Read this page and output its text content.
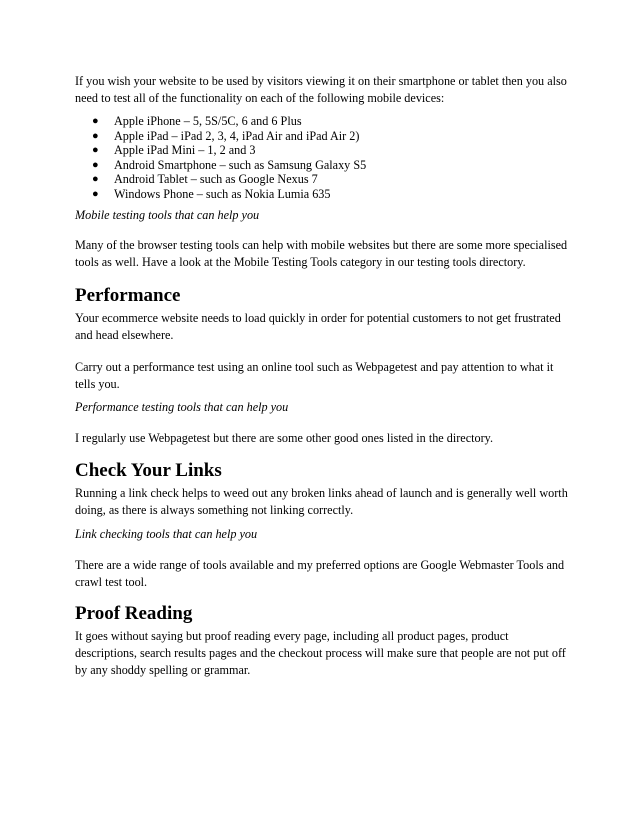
If you wish your website to be used by visitors viewing it on their smartphone or tablet then you also need to test all of the functionality on each of the following mobile devices:

● Apple iPhone – 5, 5S/5C, 6 and 6 Plus
● Apple iPad – iPad 2, 3, 4, iPad Air and iPad Air 2)
● Apple iPad Mini – 1, 2 and 3
● Android Smartphone – such as Samsung Galaxy S5
● Android Tablet – such as Google Nexus 7
● Windows Phone – such as Nokia Lumia 635

Mobile testing tools that can help you

Many of the browser testing tools can help with mobile websites but there are some more specialised tools as well. Have a look at the Mobile Testing Tools category in our testing tools directory.

Performance

Your ecommerce website needs to load quickly in order for potential customers to not get frustrated and head elsewhere.

Carry out a performance test using an online tool such as Webpagetest and pay attention to what it tells you.

Performance testing tools that can help you

I regularly use Webpagetest but there are some other good ones listed in the directory.

Check Your Links

Running a link check helps to weed out any broken links ahead of launch and is generally well worth doing, as there is always something not linking correctly.

Link checking tools that can help you

There are a wide range of tools available and my preferred options are Google Webmaster Tools and crawl test tool.

Proof Reading

It goes without saying but proof reading every page, including all product pages, product descriptions, search results pages and the checkout process will make sure that people are not put off by any shoddy spelling or grammar.
